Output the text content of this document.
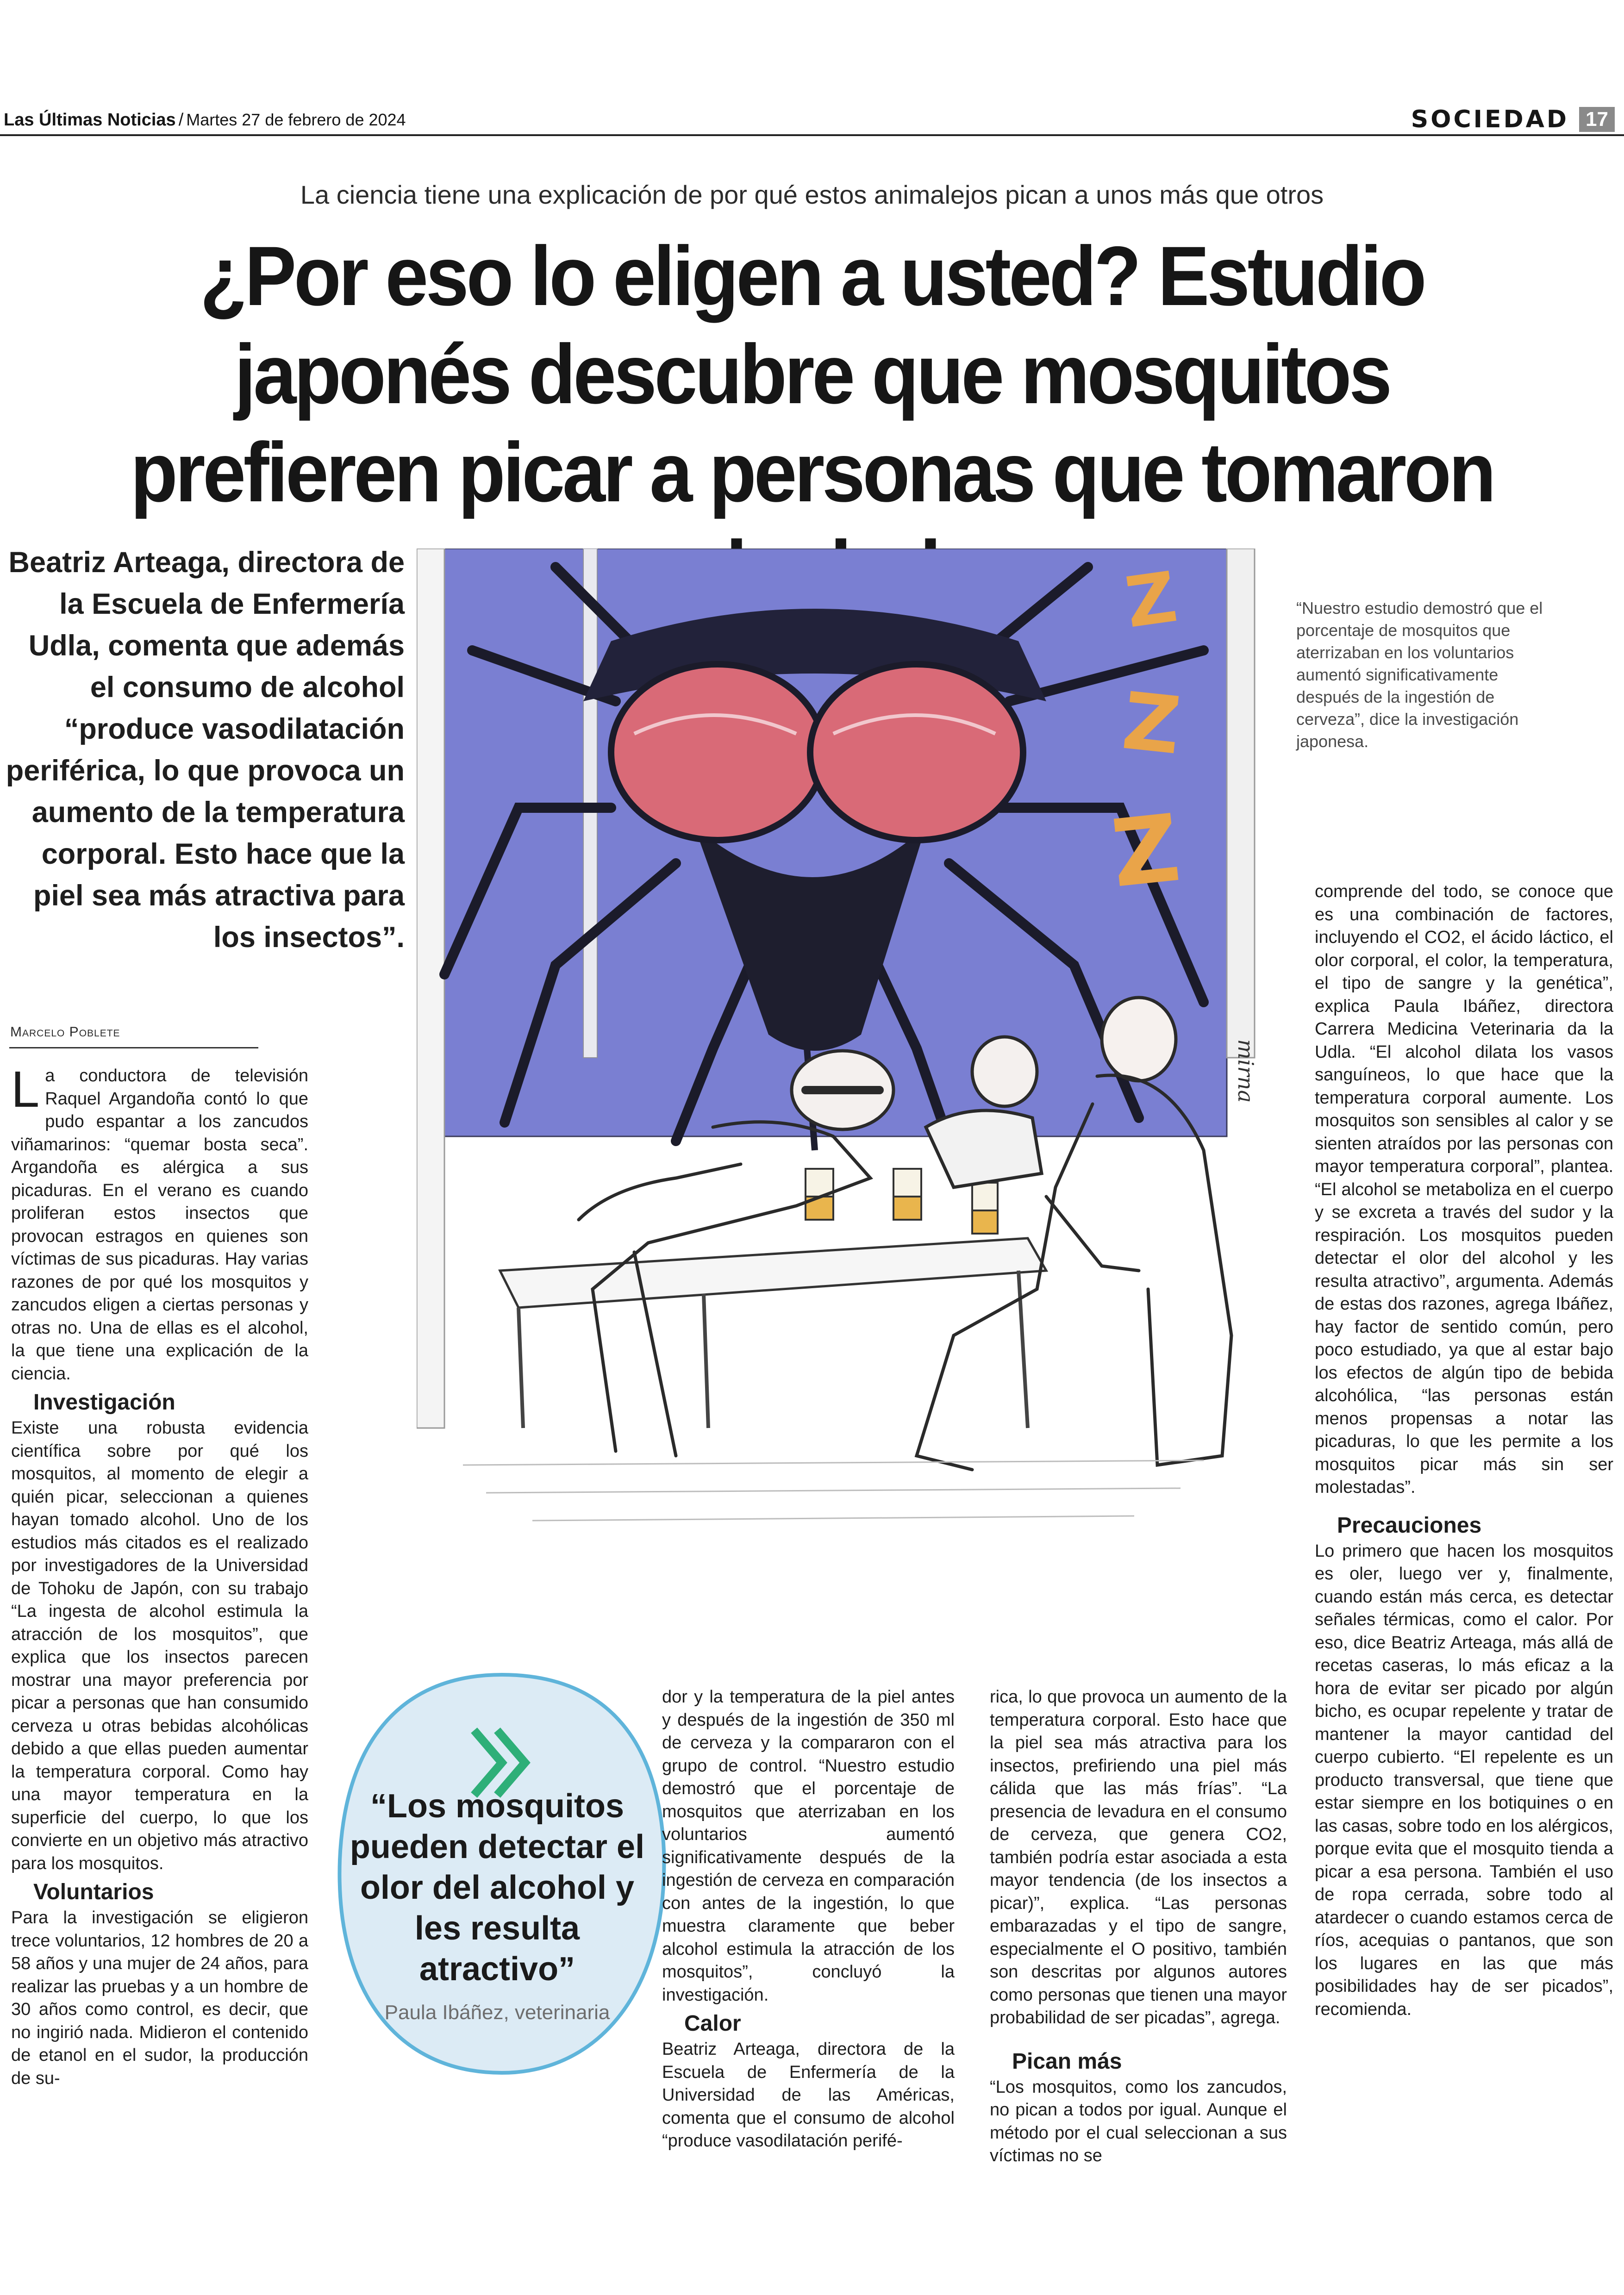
Las Últimas Noticias / Martes 27 de febrero de 2024	SOCIEDAD 17
La ciencia tiene una explicación de por qué estos animalejos pican a unos más que otros
¿Por eso lo eligen a usted? Estudio japonés descubre que mosquitos prefieren picar a personas que tomaron
Beatriz Arteaga, directora de la Escuela de Enfermería Udla, comenta que además el consumo de alcohol “produce vasodilatación periférica, lo que provoca un aumento de la temperatura corporal. Esto hace que la piel sea más atractiva para los insectos”.
Z
Z
Z
mirna
“Nuestro estudio demostró que el porcentaje de mosquitos que aterrizaban en los voluntarios aumentó significativamente después de la ingestión de cerveza”, dice la investigación japonesa.
Marcelo Poblete

La conductora de televisión Raquel Argandoña contó lo que pudo espantar a los zancudos viñamarinos: “quemar bosta seca”. Argandoña es alérgica a sus picaduras. En el verano es cuando proliferan estos insectos que provocan estragos en quienes son víctimas de sus picaduras. Hay varias razones de por qué los mosquitos y zancudos eligen a ciertas personas y otras no. Una de ellas es el alcohol, la que tiene una explicación de la ciencia.

Investigación

Existe una robusta evidencia científica sobre por qué los mosquitos, al momento de elegir a quién picar, seleccionan a quienes hayan tomado alcohol. Uno de los estudios más citados es el realizado por investigadores de la Universidad de Tohoku de Japón, con su trabajo “La ingesta de alcohol estimula la atracción de los mosquitos”, que explica que los insectos parecen mostrar una mayor preferencia por picar a personas que han consumido cerveza u otras bebidas alcohólicas debido a que ellas pueden aumentar la temperatura corporal. Como hay una mayor temperatura en la superficie del cuerpo, lo que los convierte en un objetivo más atractivo para los mosquitos.

Voluntarios

Para la investigación se eligieron trece voluntarios, 12 hombres de 20 a 58 años y una mujer de 24 años, para realizar las pruebas y a un hombre de 30 años como control, es decir, que no ingirió nada. Midieron el contenido de etanol en el sudor, la producción de su-

“Los mosquitos pueden detectar el olor del alcohol y les resulta atractivo”
Paula Ibáñez, veterinaria

dor y la temperatura de la piel antes y después de la ingestión de 350 ml de cerveza y la compararon con el grupo de control. “Nuestro estudio demostró que el porcentaje de mosquitos que aterrizaban en los voluntarios aumentó significativamente después de la ingestión de cerveza en comparación con antes de la ingestión, lo que muestra claramente que beber alcohol estimula la atracción de los mosquitos”, concluyó la investigación.

Calor

Beatriz Arteaga, directora de la Escuela de Enfermería de la Universidad de las Américas, comenta que el consumo de alcohol “produce vasodilatación perifé-

rica, lo que provoca un aumento de la temperatura corporal. Esto hace que la piel sea más atractiva para los insectos, prefiriendo una piel más cálida que las más frías”. “La presencia de levadura en el consumo de cerveza, que genera CO2, también podría estar asociada a esta mayor tendencia (de los insectos a picar)”, explica. “Las personas embarazadas y el tipo de sangre, especialmente el O positivo, también son descritas por algunos autores como personas que tienen una mayor probabilidad de ser picadas”, agrega.

Pican más

“Los mosquitos, como los zancudos, no pican a todos por igual. Aunque el método por el cual seleccionan a sus víctimas no se

comprende del todo, se conoce que es una combinación de factores, incluyendo el CO2, el ácido láctico, el olor corporal, el color, la temperatura, el tipo de sangre y la genética”, explica Paula Ibáñez, directora Carrera Medicina Veterinaria da la Udla. “El alcohol dilata los vasos sanguíneos, lo que hace que la temperatura corporal aumente. Los mosquitos son sensibles al calor y se sienten atraídos por las personas con mayor temperatura corporal”, plantea. “El alcohol se metaboliza en el cuerpo y se excreta a través del sudor y la respiración. Los mosquitos pueden detectar el olor del alcohol y les resulta atractivo”, argumenta. Además de estas dos razones, agrega Ibáñez, hay factor de sentido común, pero poco estudiado, ya que al estar bajo los efectos de algún tipo de bebida alcohólica, “las personas están menos propensas a notar las picaduras, lo que les permite a los mosquitos picar más sin ser molestadas”.

Precauciones

Lo primero que hacen los mosquitos es oler, luego ver y, finalmente, cuando están más cerca, es detectar señales térmicas, como el calor. Por eso, dice Beatriz Arteaga, más allá de recetas caseras, lo más eficaz a la hora de evitar ser picado por algún bicho, es ocupar repelente y tratar de mantener la mayor cantidad del cuerpo cubierto. “El repelente es un producto transversal, que tiene que estar siempre en los botiquines o en las casas, sobre todo en los alérgicos, porque evita que el mosquito tienda a picar a esa persona. También el uso de ropa cerrada, sobre todo al atardecer o cuando estamos cerca de ríos, acequias o pantanos, que son los lugares en las que más posibilidades hay de ser picados”, recomienda.
